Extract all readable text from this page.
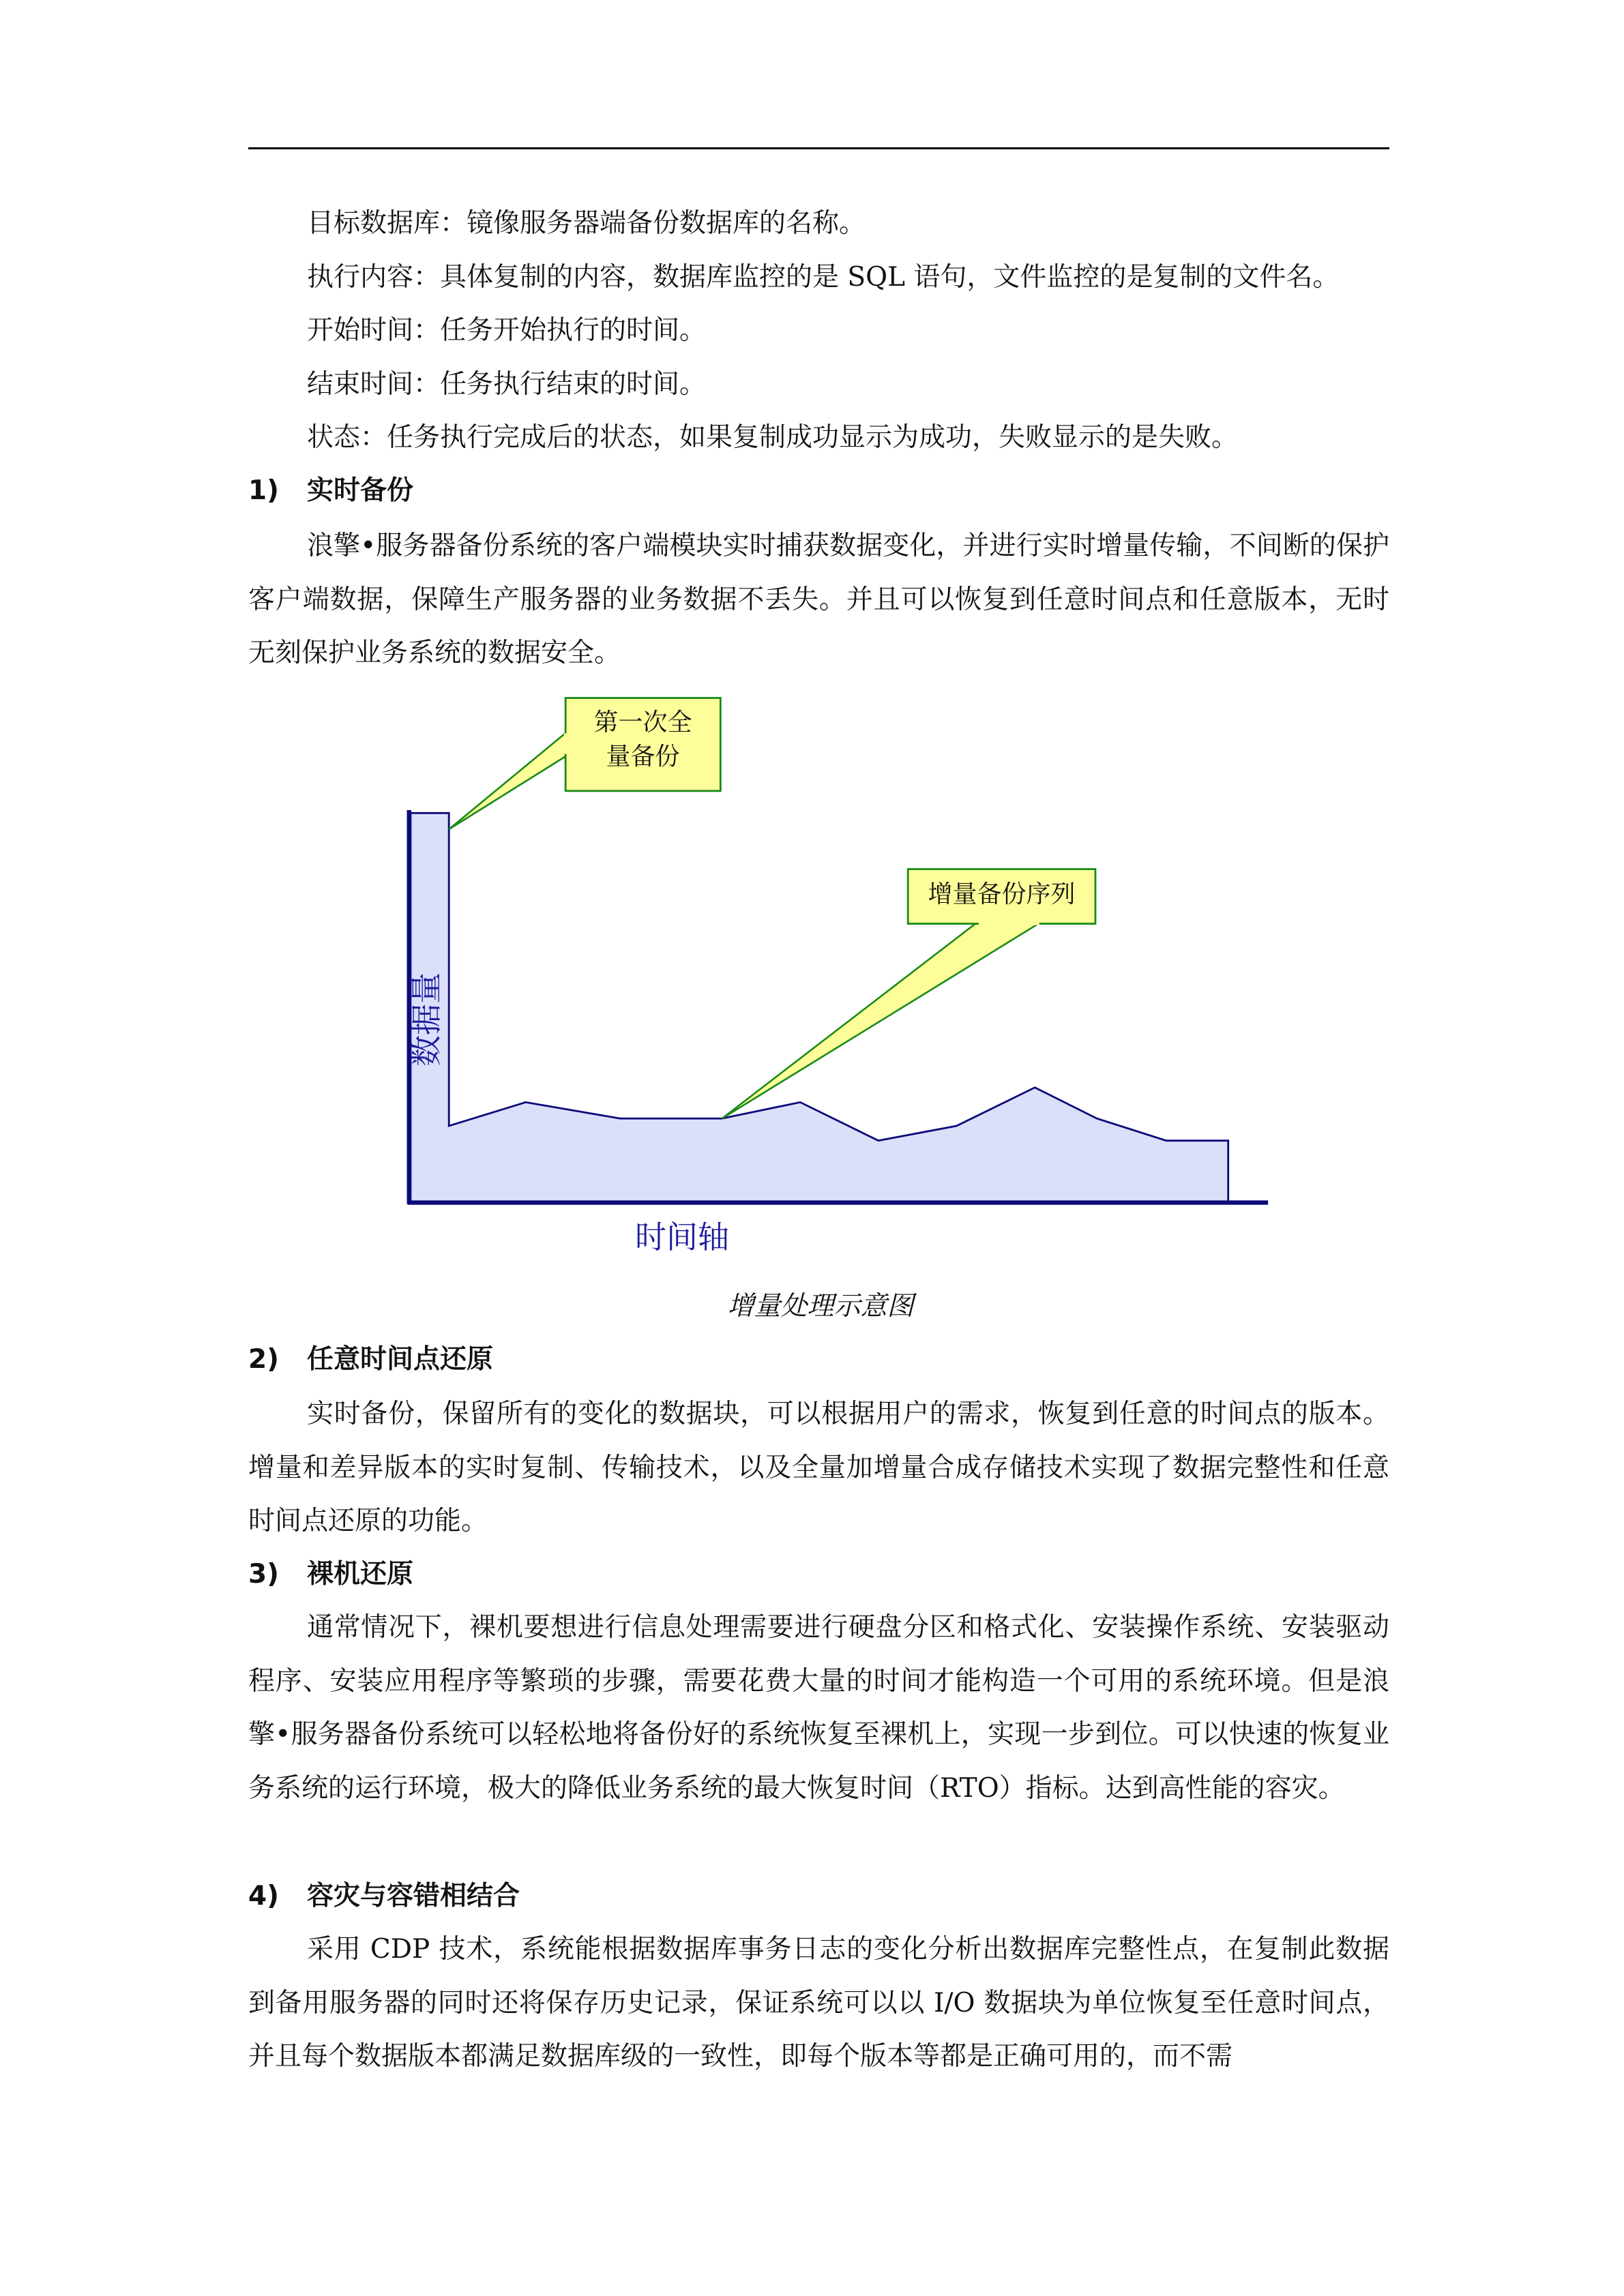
目标数据库：镜像服务器端备份数据库的名称。
执行内容：具体复制的内容，数据库监控的是 SQL 语句，文件监控的是复制的文件名。
开始时间：任务开始执行的时间。
结束时间：任务执行结束的时间。
状态：任务执行完成后的状态，如果复制成功显示为成功，失败显示的是失败。
1) 实时备份
浪擎•服务器备份系统的客户端模块实时捕获数据变化，并进行实时增量传输，不间断的保护客户端数据，保障生产服务器的业务数据不丢失。并且可以恢复到任意时间点和任意版本，无时无刻保护业务系统的数据安全。
第一次全
量备份
增量备份序列
数据量
时间轴
增量处理示意图
2) 任意时间点还原
实时备份，保留所有的变化的数据块，可以根据用户的需求，恢复到任意的时间点的版本。增量和差异版本的实时复制、传输技术，以及全量加增量合成存储技术实现了数据完整性和任意时间点还原的功能。
3) 裸机还原
通常情况下，裸机要想进行信息处理需要进行硬盘分区和格式化、安装操作系统、安装驱动程序、安装应用程序等繁琐的步骤，需要花费大量的时间才能构造一个可用的系统环境。但是浪擎•服务器备份系统可以轻松地将备份好的系统恢复至裸机上，实现一步到位。可以快速的恢复业务系统的运行环境，极大的降低业务系统的最大恢复时间（RTO）指标。达到高性能的容灾。
4) 容灾与容错相结合
采用 CDP 技术，系统能根据数据库事务日志的变化分析出数据库完整性点，在复制此数据到备用服务器的同时还将保存历史记录，保证系统可以以 I/O 数据块为单位恢复至任意时间点，并且每个数据版本都满足数据库级的一致性，即每个版本等都是正确可用的，而不需
